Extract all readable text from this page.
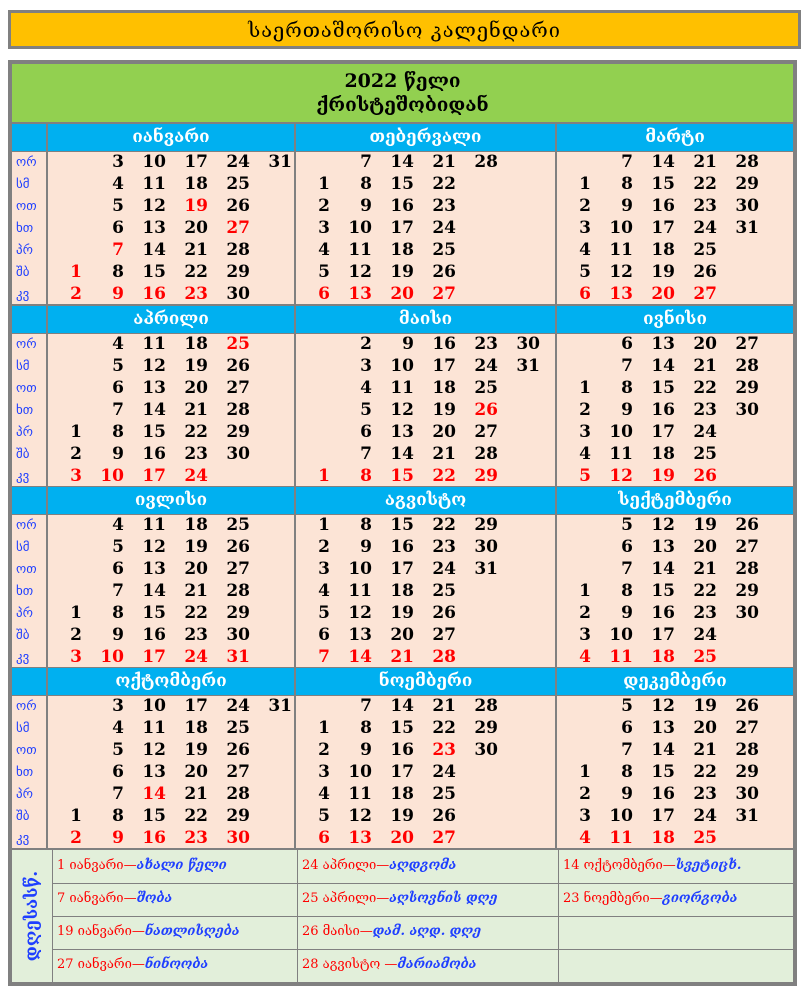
საერთაშორისო კალენდარი
2022 წელი
ქრისტეშობიდან
ორ
სმ
ოთ
ხთ
პრ
შბ
კვ
იანვარი
1
2
3
4
5
6
7
8
9
10
11
12
13
14
15
16
17
18
19
20
21
22
23
24
25
26
27
28
29
30
31
თებერვალი
1
2
3
4
5
6
7
8
9
10
11
12
13
14
15
16
17
18
19
20
21
22
23
24
25
26
27
28
მარტი
1
2
3
4
5
6
7
8
9
10
11
12
13
14
15
16
17
18
19
20
21
22
23
24
25
26
27
28
29
30
31
ორ
სმ
ოთ
ხთ
პრ
შბ
კვ
აპრილი
1
2
3
4
5
6
7
8
9
10
11
12
13
14
15
16
17
18
19
20
21
22
23
24
25
26
27
28
29
30
მაისი
1
2
3
4
5
6
7
8
9
10
11
12
13
14
15
16
17
18
19
20
21
22
23
24
25
26
27
28
29
30
31
ივნისი
1
2
3
4
5
6
7
8
9
10
11
12
13
14
15
16
17
18
19
20
21
22
23
24
25
26
27
28
29
30
ორ
სმ
ოთ
ხთ
პრ
შბ
კვ
ივლისი
1
2
3
4
5
6
7
8
9
10
11
12
13
14
15
16
17
18
19
20
21
22
23
24
25
26
27
28
29
30
31
აგვისტო
1
2
3
4
5
6
7
8
9
10
11
12
13
14
15
16
17
18
19
20
21
22
23
24
25
26
27
28
29
30
31
სექტემბერი
1
2
3
4
5
6
7
8
9
10
11
12
13
14
15
16
17
18
19
20
21
22
23
24
25
26
27
28
29
30
ორ
სმ
ოთ
ხთ
პრ
შბ
კვ
ოქტომბერი
1
2
3
4
5
6
7
8
9
10
11
12
13
14
15
16
17
18
19
20
21
22
23
24
25
26
27
28
29
30
31
ნოემბერი
1
2
3
4
5
6
7
8
9
10
11
12
13
14
15
16
17
18
19
20
21
22
23
24
25
26
27
28
29
30
დეკემბერი
1
2
3
4
5
6
7
8
9
10
11
12
13
14
15
16
17
18
19
20
21
22
23
24
25
26
27
28
29
30
31
დღესასწ.
1 იანვარი—ახალი წელი
7 იანვარი—შობა
19 იანვარი—ნათლისღება
27 იანვარი—ნინოობა
24 აპრილი—აღდგომა
25 აპრილი—აღსოვნის დღე
26 მაისი—დამ. აღდ. დღე
28 აგვისტო —მარიამობა
14 ოქტომბერი—სვეტიცხ.
23 ნოემბერი—გიორგობა
